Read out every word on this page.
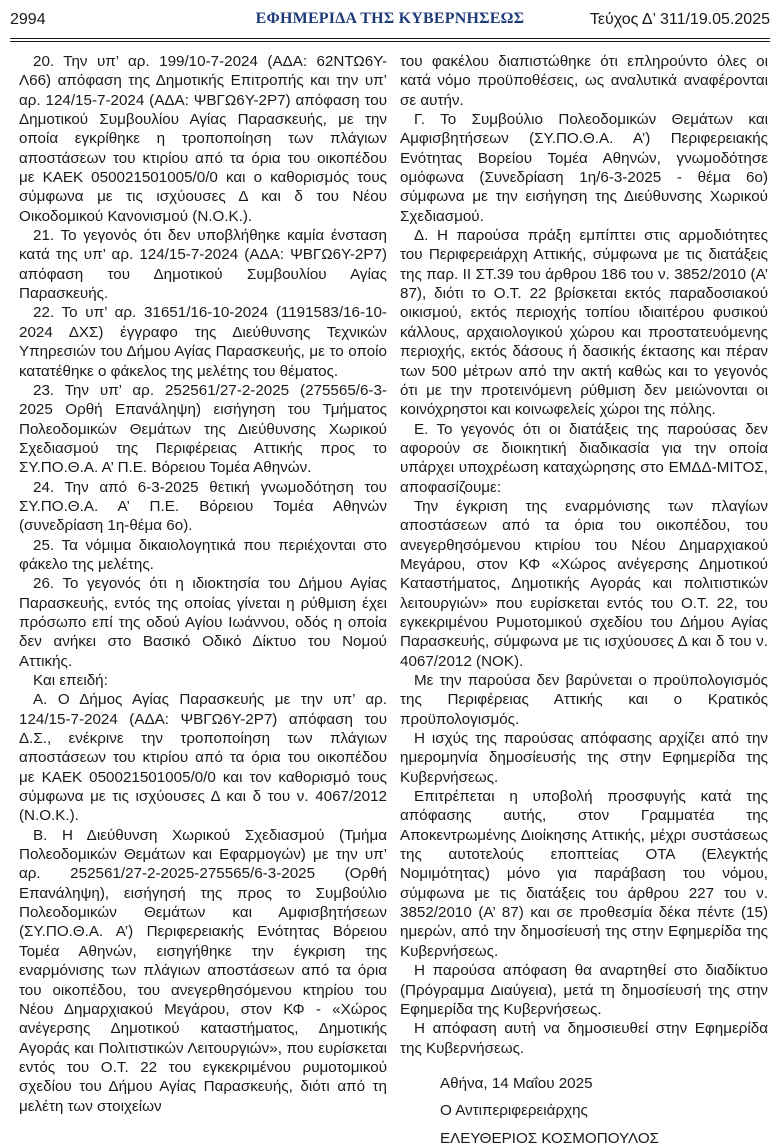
2994	ΕΦΗΜΕΡΙΔΑ ΤΗΣ ΚΥΒΕΡΝΗΣΕΩΣ	Τεύχος Δ’ 311/19.05.2025

20. Την υπ’ αρ. 199/10-7-2024 (ΑΔΑ: 62ΝΤΩ6Υ-Λ66) απόφαση της Δημοτικής Επιτροπής και την υπ’ αρ. 124/15-7-2024 (ΑΔΑ: ΨΒΓΩ6Υ-2Ρ7) απόφαση του Δημοτικού Συμβουλίου Αγίας Παρασκευής, με την οποία εγκρίθηκε η τροποποίηση των πλάγιων αποστάσεων του κτιρίου από τα όρια του οικοπέδου με ΚΑΕΚ 050021501005/0/0 και ο καθορισμός τους σύμφωνα με τις ισχύουσες Δ και δ του Νέου Οικοδομικού Κανονισμού (Ν.Ο.Κ.).

21. Το γεγονός ότι δεν υποβλήθηκε καμία ένσταση κατά της υπ’ αρ. 124/15-7-2024 (ΑΔΑ: ΨΒΓΩ6Υ-2Ρ7) απόφαση του Δημοτικού Συμβουλίου Αγίας Παρασκευής.

22. Το υπ’ αρ. 31651/16-10-2024 (1191583/16-10-2024 ΔΧΣ) έγγραφο της Διεύθυνσης Τεχνικών Υπηρεσιών του Δήμου Αγίας Παρασκευής, με το οποίο κατατέθηκε ο φάκελος της μελέτης του θέματος.

23. Την υπ’ αρ. 252561/27-2-2025 (275565/6-3-2025 Ορθή Επανάληψη) εισήγηση του Τμήματος Πολεοδομικών Θεμάτων της Διεύθυνσης Χωρικού Σχεδιασμού της Περιφέρειας Αττικής προς το ΣΥ.ΠΟ.Θ.Α. Α’ Π.Ε. Βόρειου Τομέα Αθηνών.

24. Την από 6-3-2025 θετική γνωμοδότηση του ΣΥ.ΠΟ.Θ.Α. Α’ Π.Ε. Βόρειου Τομέα Αθηνών (συνεδρίαση 1η-θέμα 6ο).

25. Τα νόμιμα δικαιολογητικά που περιέχονται στο φάκελο της μελέτης.

26. Το γεγονός ότι η ιδιοκτησία του Δήμου Αγίας Παρασκευής, εντός της οποίας γίνεται η ρύθμιση έχει πρόσωπο επί της οδού Αγίου Ιωάννου, οδός η οποία δεν ανήκει στο Βασικό Οδικό Δίκτυο του Νομού Αττικής.

Και επειδή:

Α. Ο Δήμος Αγίας Παρασκευής με την υπ’ αρ. 124/15-7-2024 (ΑΔΑ: ΨΒΓΩ6Υ-2Ρ7) απόφαση του Δ.Σ., ενέκρινε την τροποποίηση των πλάγιων αποστάσεων του κτιρίου από τα όρια του οικοπέδου με ΚΑΕΚ 050021501005/0/0 και τον καθορισμό τους σύμφωνα με τις ισχύουσες Δ και δ του ν. 4067/2012 (Ν.Ο.Κ.).

Β. Η Διεύθυνση Χωρικού Σχεδιασμού (Τμήμα Πολεοδομικών Θεμάτων και Εφαρμογών) με την υπ’ αρ. 252561/27-2-2025-275565/6-3-2025 (Ορθή Επανάληψη), εισήγησή της προς το Συμβούλιο Πολεοδομικών Θεμάτων και Αμφισβητήσεων (ΣΥ.ΠΟ.Θ.Α. Α’) Περιφερειακής Ενότητας Βόρειου Τομέα Αθηνών, εισηγήθηκε την έγκριση της εναρμόνισης των πλάγιων αποστάσεων από τα όρια του οικοπέδου, του ανεγερθησόμενου κτηρίου του Νέου Δημαρχιακού Μεγάρου, στον ΚΦ - «Χώρος ανέγερσης Δημοτικού καταστήματος, Δημοτικής Αγοράς και Πολιτιστικών Λειτουργιών», που ευρίσκεται εντός του Ο.Τ. 22 του εγκεκριμένου ρυμοτομικού σχεδίου του Δήμου Αγίας Παρασκευής, διότι από τη μελέτη των στοιχείων

του φακέλου διαπιστώθηκε ότι επληρούντο όλες οι κατά νόμο προϋποθέσεις, ως αναλυτικά αναφέρονται σε αυτήν.

Γ. Το Συμβούλιο Πολεοδομικών Θεμάτων και Αμφισβητήσεων (ΣΥ.ΠΟ.Θ.Α. Α’) Περιφερειακής Ενότητας Βορείου Τομέα Αθηνών, γνωμοδότησε ομόφωνα (Συνεδρίαση 1η/6-3-2025 - θέμα 6ο) σύμφωνα με την εισήγηση της Διεύθυνσης Χωρικού Σχεδιασμού.

Δ. Η παρούσα πράξη εμπίπτει στις αρμοδιότητες του Περιφερειάρχη Αττικής, σύμφωνα με τις διατάξεις της παρ. ΙΙ ΣΤ.39 του άρθρου 186 του ν. 3852/2010 (Α’ 87), διότι το Ο.Τ. 22 βρίσκεται εκτός παραδοσιακού οικισμού, εκτός περιοχής τοπίου ιδιαιτέρου φυσικού κάλλους, αρχαιολογικού χώρου και προστατευόμενης περιοχής, εκτός δάσους ή δασικής έκτασης και πέραν των 500 μέτρων από την ακτή καθώς και το γεγονός ότι με την προτεινόμενη ρύθμιση δεν μειώνονται οι κοινόχρηστοι και κοινωφελείς χώροι της πόλης.

Ε. Το γεγονός ότι οι διατάξεις της παρούσας δεν αφορούν σε διοικητική διαδικασία για την οποία υπάρχει υποχρέωση καταχώρησης στο ΕΜΔΔ-ΜΙΤΟΣ, αποφασίζουμε:

Την έγκριση της εναρμόνισης των πλαγίων αποστάσεων από τα όρια του οικοπέδου, του ανεγερθησόμενου κτιρίου του Νέου Δημαρχιακού Μεγάρου, στον ΚΦ «Χώρος ανέγερσης Δημοτικού Καταστήματος, Δημοτικής Αγοράς και πολιτιστικών λειτουργιών» που ευρίσκεται εντός του Ο.Τ. 22, του εγκεκριμένου Ρυμοτομικού σχεδίου του Δήμου Αγίας Παρασκευής, σύμφωνα με τις ισχύουσες Δ και δ του ν. 4067/2012 (ΝΟΚ).

Με την παρούσα δεν βαρύνεται ο προϋπολογισμός της Περιφέρειας Αττικής και ο Κρατικός προϋπολογισμός.

Η ισχύς της παρούσας απόφασης αρχίζει από την ημερομηνία δημοσίευσής της στην Εφημερίδα της Κυβερνήσεως.

Επιτρέπεται η υποβολή προσφυγής κατά της απόφασης αυτής, στον Γραμματέα της Αποκεντρωμένης Διοίκησης Αττικής, μέχρι συστάσεως της αυτοτελούς εποπτείας ΟΤΑ (Ελεγκτής Νομιμότητας) μόνο για παράβαση του νόμου, σύμφωνα με τις διατάξεις του άρθρου 227 του ν. 3852/2010 (Α’ 87) και σε προθεσμία δέκα πέντε (15) ημερών, από την δημοσίευσή της στην Εφημερίδα της Κυβερνήσεως.

Η παρούσα απόφαση θα αναρτηθεί στο διαδίκτυο (Πρόγραμμα Διαύγεια), μετά τη δημοσίευσή της στην Εφημερίδα της Κυβερνήσεως.

Η απόφαση αυτή να δημοσιευθεί στην Εφημερίδα της Κυβερνήσεως.

Αθήνα, 14 Μαΐου 2025

Ο Αντιπεριφερειάρχης

ΕΛΕΥΘΕΡΙΟΣ ΚΟΣΜΟΠΟΥΛΟΣ
